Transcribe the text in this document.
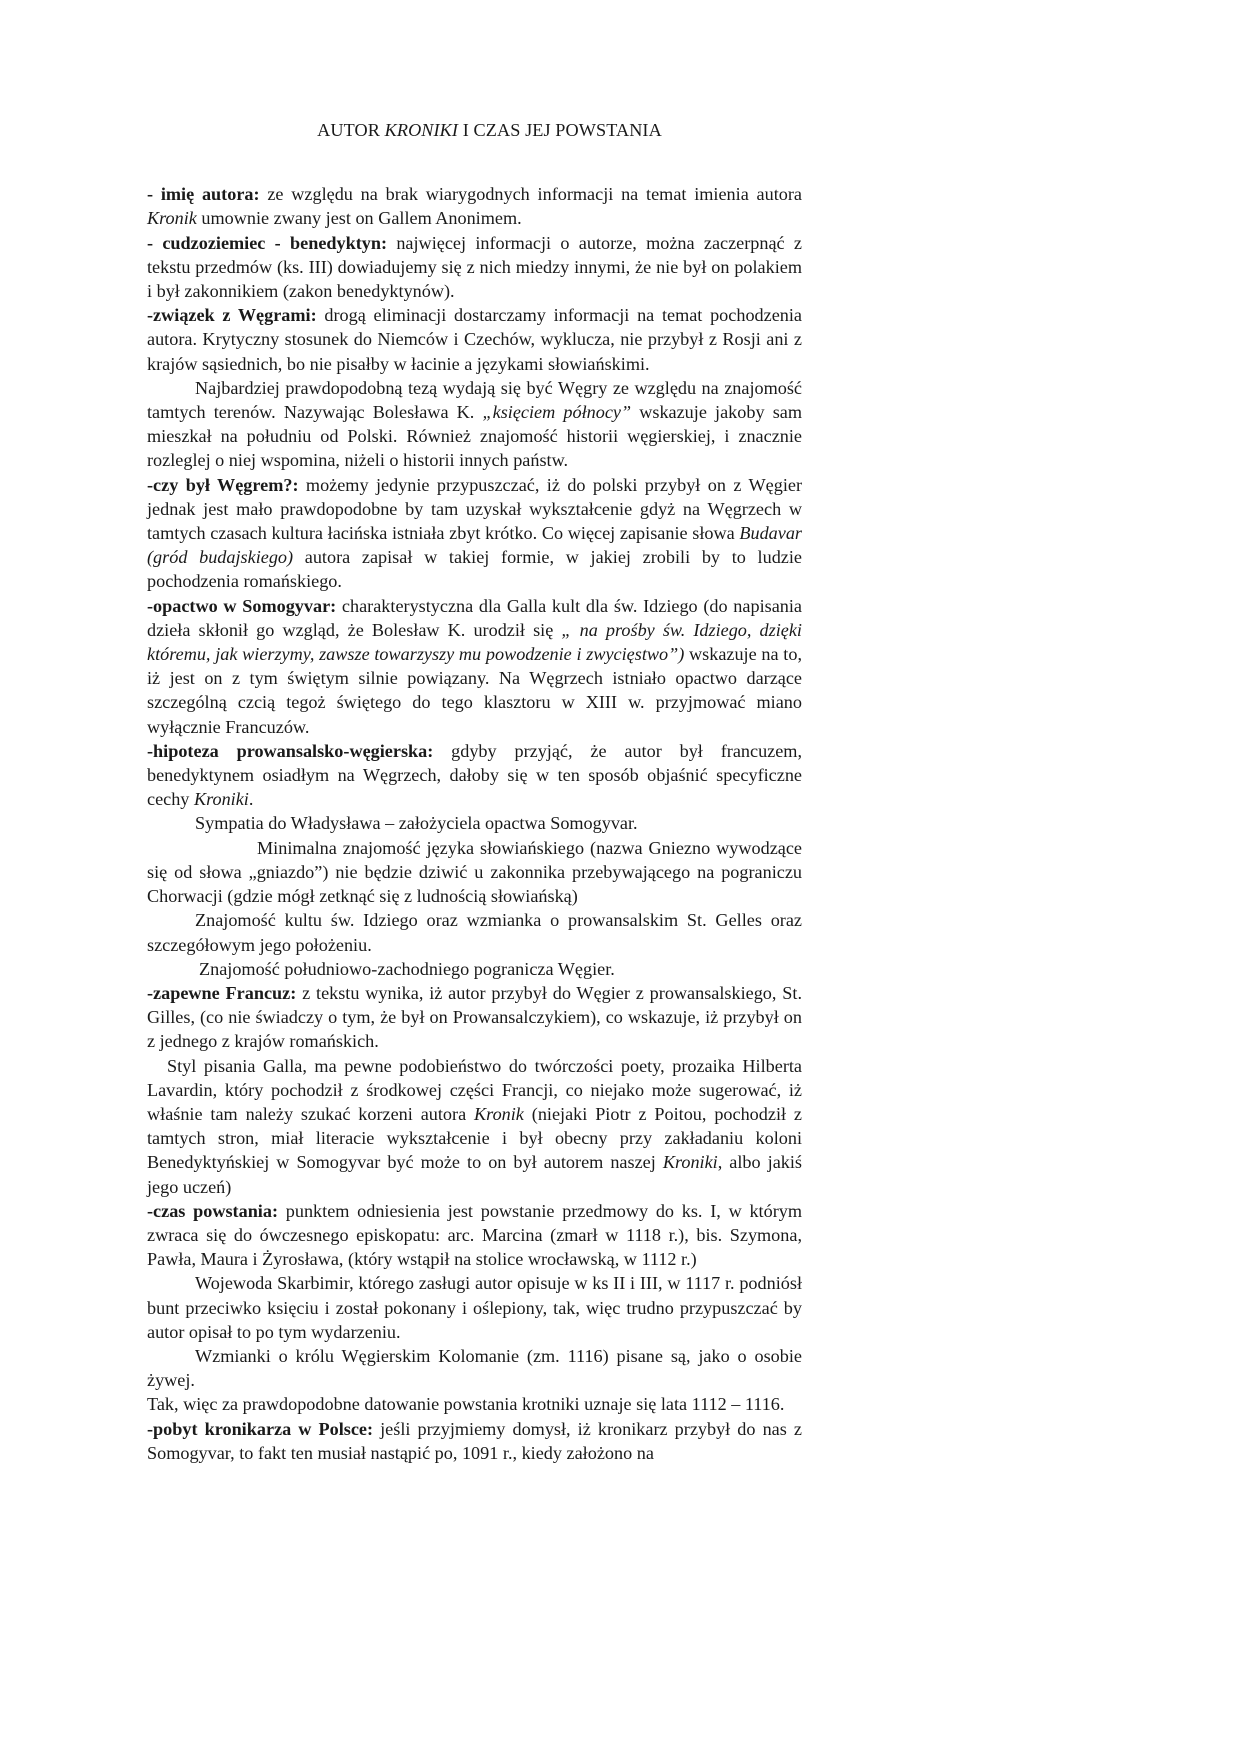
AUTOR KRONIKI I CZAS JEJ POWSTANIA

- imię autora: ze względu na brak wiarygodnych informacji na temat imienia autora Kronik umownie zwany jest on Gallem Anonimem.

- cudzoziemiec - benedyktyn: najwięcej informacji o autorze, można zaczerpnąć z tekstu przedmów (ks. III) dowiadujemy się z nich miedzy innymi, że nie był on polakiem i był zakonnikiem (zakon benedyktynów).

-związek z Węgrami: drogą eliminacji dostarczamy informacji na temat pochodzenia autora. Krytyczny stosunek do Niemców i Czechów, wyklucza, nie przybył z Rosji ani z krajów sąsiednich, bo nie pisałby w łacinie a językami słowiańskimi.

Najbardziej prawdopodobną tezą wydają się być Węgry ze względu na znajomość tamtych terenów. Nazywając Bolesława K. „księciem północy” wskazuje jakoby sam mieszkał na południu od Polski. Również znajomość historii węgierskiej, i znacznie rozleglej o niej wspomina, niżeli o historii innych państw.

-czy był Węgrem?: możemy jedynie przypuszczać, iż do polski przybył on z Węgier jednak jest mało prawdopodobne by tam uzyskał wykształcenie gdyż na Węgrzech w tamtych czasach kultura łacińska istniała zbyt krótko. Co więcej zapisanie słowa Budavar (gród budajskiego) autora zapisał w takiej formie, w jakiej zrobili by to ludzie pochodzenia romańskiego.

-opactwo w Somogyvar: charakterystyczna dla Galla kult dla św. Idziego (do napisania dzieła skłonił go wzgląd, że Bolesław K. urodził się „ na prośby św. Idziego, dzięki któremu, jak wierzymy, zawsze towarzyszy mu powodzenie i zwycięstwo”) wskazuje na to, iż jest on z tym świętym silnie powiązany. Na Węgrzech istniało opactwo darzące szczególną czcią tegoż świętego do tego klasztoru w XIII w. przyjmować miano wyłącznie Francuzów.

-hipoteza prowansalsko-węgierska: gdyby przyjąć, że autor był francuzem, benedyktynem osiadłym na Węgrzech, dałoby się w ten sposób objaśnić specyficzne cechy Kroniki.

Sympatia do Władysława – założyciela opactwa Somogyvar.

Minimalna znajomość języka słowiańskiego (nazwa Gniezno wywodzące się od słowa „gniazdo”) nie będzie dziwić u zakonnika przebywającego na pograniczu Chorwacji (gdzie mógł zetknąć się z ludnością słowiańską)

Znajomość kultu św. Idziego oraz wzmianka o prowansalskim St. Gelles oraz szczegółowym jego położeniu.

Znajomość południowo-zachodniego pogranicza Węgier.

-zapewne Francuz: z tekstu wynika, iż autor przybył do Węgier z prowansalskiego, St. Gilles, (co nie świadczy o tym, że był on Prowansalczykiem), co wskazuje, iż przybył on z jednego z krajów romańskich.

Styl pisania Galla, ma pewne podobieństwo do twórczości poety, prozaika Hilberta Lavardin, który pochodził z środkowej części Francji, co niejako może sugerować, iż właśnie tam należy szukać korzeni autora Kronik (niejaki Piotr z Poitou, pochodził z tamtych stron, miał literacie wykształcenie i był obecny przy zakładaniu koloni Benedyktyńskiej w Somogyvar być może to on był autorem naszej Kroniki, albo jakiś jego uczeń)

-czas powstania: punktem odniesienia jest powstanie przedmowy do ks. I, w którym zwraca się do ówczesnego episkopatu: arc. Marcina (zmarł w 1118 r.), bis. Szymona, Pawła, Maura i Żyrosława, (który wstąpił na stolice wrocławską, w 1112 r.)

Wojewoda Skarbimir, którego zasługi autor opisuje w ks II i III, w 1117 r. podniósł bunt przeciwko księciu i został pokonany i oślepiony, tak, więc trudno przypuszczać by autor opisał to po tym wydarzeniu.

Wzmianki o królu Węgierskim Kolomanie (zm. 1116) pisane są, jako o osobie żywej.

Tak, więc za prawdopodobne datowanie powstania krotniki uznaje się lata 1112 – 1116.

-pobyt kronikarza w Polsce: jeśli przyjmiemy domysł, iż kronikarz przybył do nas z Somogyvar, to fakt ten musiał nastąpić po, 1091 r., kiedy założono na
